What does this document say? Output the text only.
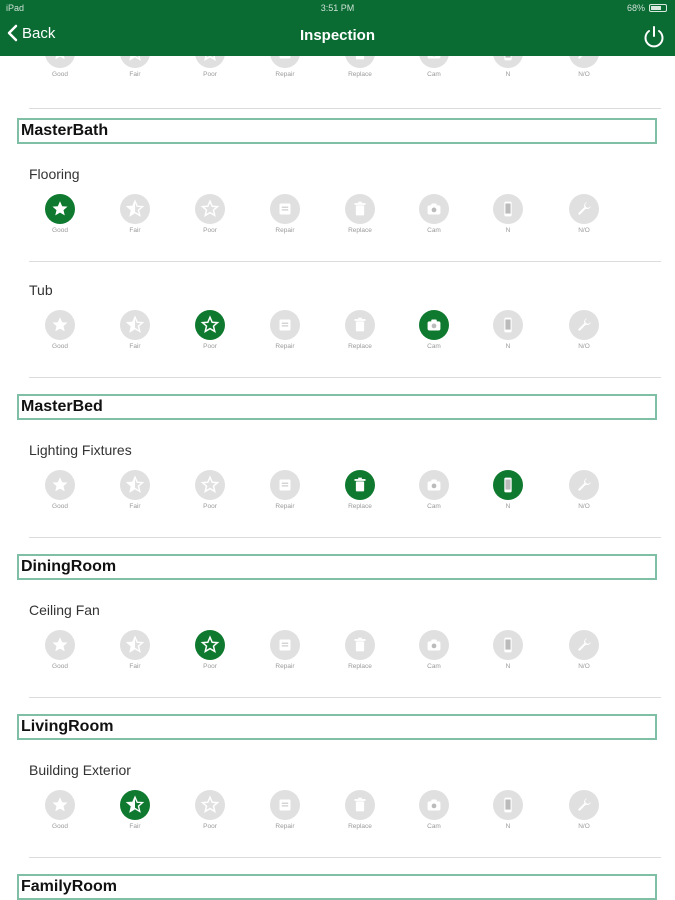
iPad	3:51 PM	68%
Back	Inspection
Good	Fair	Poor	Repair	Replace	Cam	N	N/O
MasterBath
Flooring
Good	Fair	Poor	Repair	Replace	Cam	N	N/O
Tub
Good	Fair	Poor	Repair	Replace	Cam	N	N/O
MasterBed
Lighting Fixtures
Good	Fair	Poor	Repair	Replace	Cam	N	N/O
DiningRoom
Ceiling Fan
Good	Fair	Poor	Repair	Replace	Cam	N	N/O
LivingRoom
Building Exterior
Good	Fair	Poor	Repair	Replace	Cam	N	N/O
FamilyRoom
